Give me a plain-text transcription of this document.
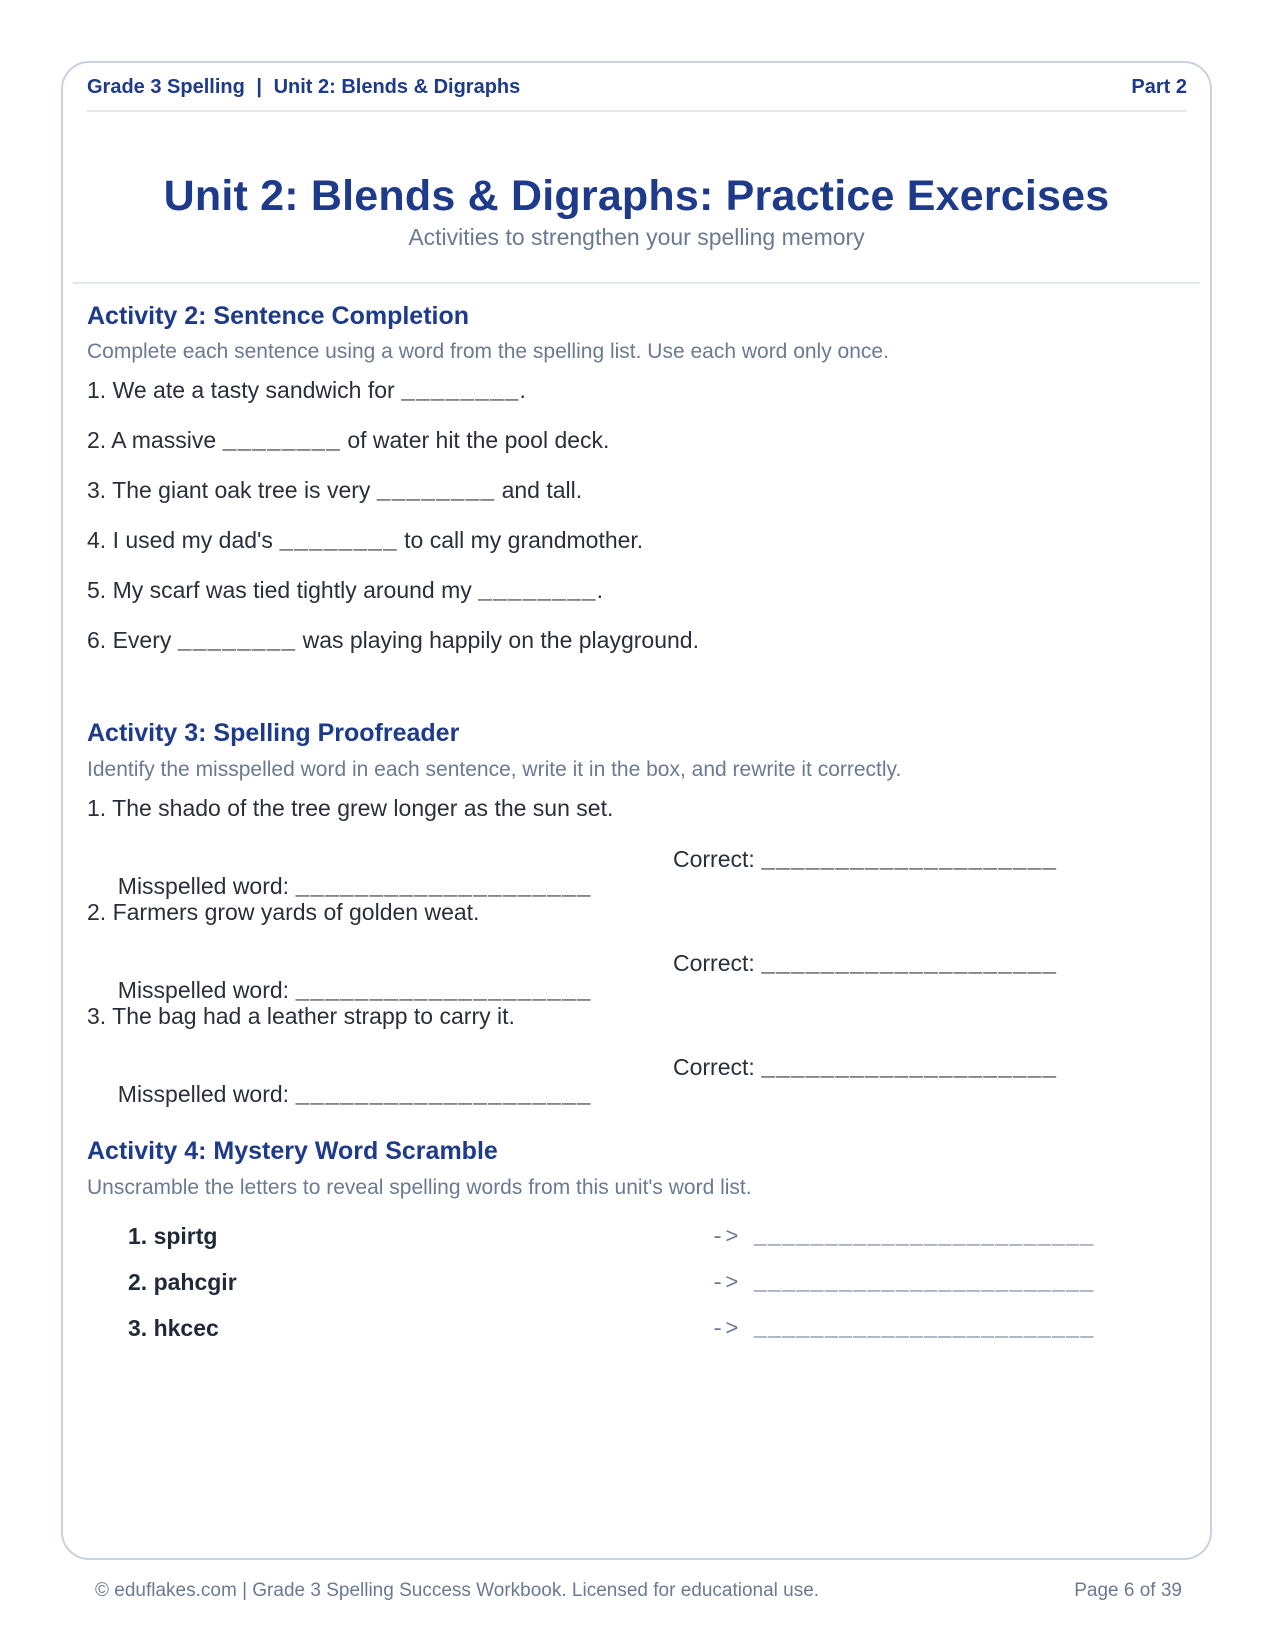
Grade 3 Spelling | Unit 2: Blends & Digraphs	Part 2
Unit 2: Blends & Digraphs: Practice Exercises
Activities to strengthen your spelling memory
Activity 2: Sentence Completion
Complete each sentence using a word from the spelling list. Use each word only once.
1. We ate a tasty sandwich for ________.
2. A massive ________ of water hit the pool deck.
3. The giant oak tree is very ________ and tall.
4. I used my dad's ________ to call my grandmother.
5. My scarf was tied tightly around my ________.
6. Every ________ was playing happily on the playground.
Activity 3: Spelling Proofreader
Identify the misspelled word in each sentence, write it in the box, and rewrite it correctly.
1. The shado of the tree grew longer as the sun set.

Misspelled word: ____________________

Correct: ____________________

2. Farmers grow yards of golden weat.

Misspelled word: ____________________

Correct: ____________________

3. The bag had a leather strapp to carry it.

Misspelled word: ____________________

Correct: ____________________

Activity 4: Mystery Word Scramble
Unscramble the letters to reveal spelling words from this unit's word list.
1. spirtg	-> ________________________
2. pahcgir	-> ________________________
3. hkcec	-> ________________________
© eduflakes.com | Grade 3 Spelling Success Workbook. Licensed for educational use.	Page 6 of 39
